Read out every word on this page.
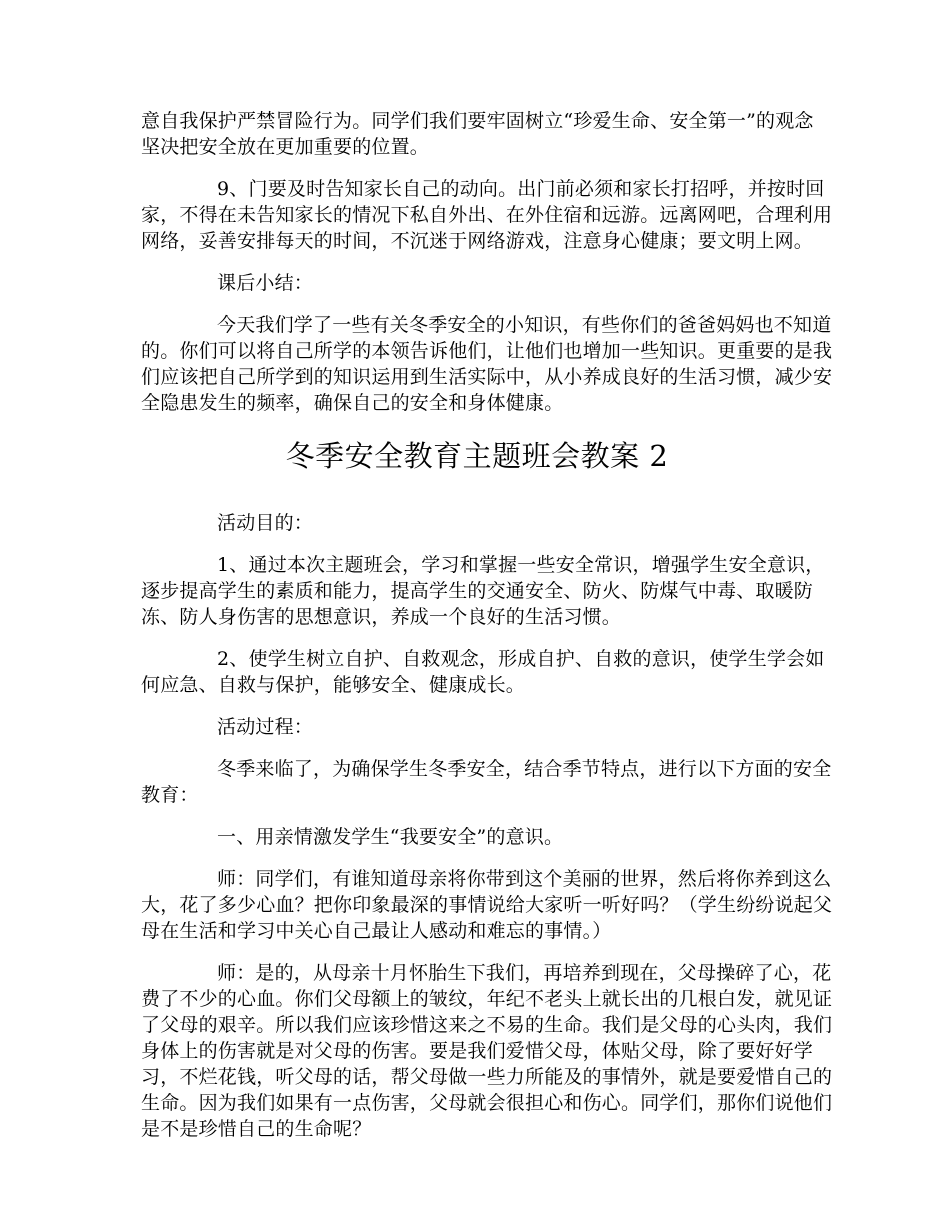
意自我保护严禁冒险行为。同学们我们要牢固树立“珍爱生命、安全第一”的观念
坚决把安全放在更加重要的位置。
9、门要及时告知家长自己的动向。出门前必须和家长打招呼，并按时回
家，不得在未告知家长的情况下私自外出、在外住宿和远游。远离网吧，合理利用
网络，妥善安排每天的时间，不沉迷于网络游戏，注意身心健康；要文明上网。
课后小结：
今天我们学了一些有关冬季安全的小知识，有些你们的爸爸妈妈也不知道
的。你们可以将自己所学的本领告诉他们，让他们也增加一些知识。更重要的是我
们应该把自己所学到的知识运用到生活实际中，从小养成良好的生活习惯，减少安
全隐患发生的频率，确保自己的安全和身体健康。
冬季安全教育主题班会教案 2
活动目的：
1、通过本次主题班会，学习和掌握一些安全常识，增强学生安全意识，
逐步提高学生的素质和能力，提高学生的交通安全、防火、防煤气中毒、取暖防
冻、防人身伤害的思想意识，养成一个良好的生活习惯。
2、使学生树立自护、自救观念，形成自护、自救的意识，使学生学会如
何应急、自救与保护，能够安全、健康成长。
活动过程：
冬季来临了，为确保学生冬季安全，结合季节特点，进行以下方面的安全
教育：
一、用亲情激发学生“我要安全”的意识。
师：同学们，有谁知道母亲将你带到这个美丽的世界，然后将你养到这么
大，花了多少心血？把你印象最深的事情说给大家听一听好吗？（学生纷纷说起父
母在生活和学习中关心自己最让人感动和难忘的事情。）
师：是的，从母亲十月怀胎生下我们，再培养到现在，父母操碎了心，花
费了不少的心血。你们父母额上的皱纹，年纪不老头上就长出的几根白发，就见证
了父母的艰辛。所以我们应该珍惜这来之不易的生命。我们是父母的心头肉，我们
身体上的伤害就是对父母的伤害。要是我们爱惜父母，体贴父母，除了要好好学
习，不烂花钱，听父母的话，帮父母做一些力所能及的事情外，就是要爱惜自己的
生命。因为我们如果有一点伤害，父母就会很担心和伤心。同学们，那你们说他们
是不是珍惜自己的生命呢？
